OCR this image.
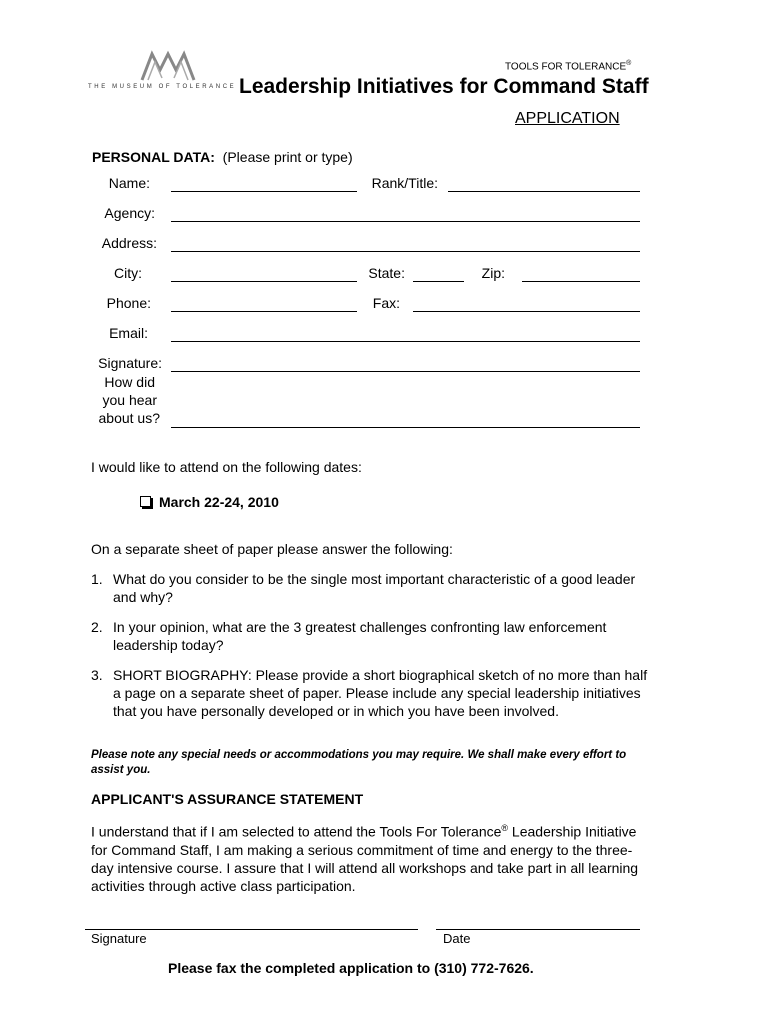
THE MUSEUM OF TOLERANCE
TOOLS FOR TOLERANCE®
Leadership Initiatives for Command Staff
APPLICATION
PERSONAL DATA: (Please print or type)
Name:	Rank/Title:
Agency:
Address:
City:	State:	Zip:
Phone:	Fax:
Email:
Signature:
How did
you hear
about us?
I would like to attend on the following dates:
March 22-24, 2010
On a separate sheet of paper please answer the following:
1. What do you consider to be the single most important characteristic of a good leader and why?
2. In your opinion, what are the 3 greatest challenges confronting law enforcement leadership today?
3. SHORT BIOGRAPHY: Please provide a short biographical sketch of no more than half a page on a separate sheet of paper. Please include any special leadership initiatives that you have personally developed or in which you have been involved.
Please note any special needs or accommodations you may require. We shall make every effort to assist you.
APPLICANT'S ASSURANCE STATEMENT
I understand that if I am selected to attend the Tools For Tolerance® Leadership Initiative for Command Staff, I am making a serious commitment of time and energy to the three-day intensive course. I assure that I will attend all workshops and take part in all learning activities through active class participation.
Signature	Date
Please fax the completed application to (310) 772-7626.
